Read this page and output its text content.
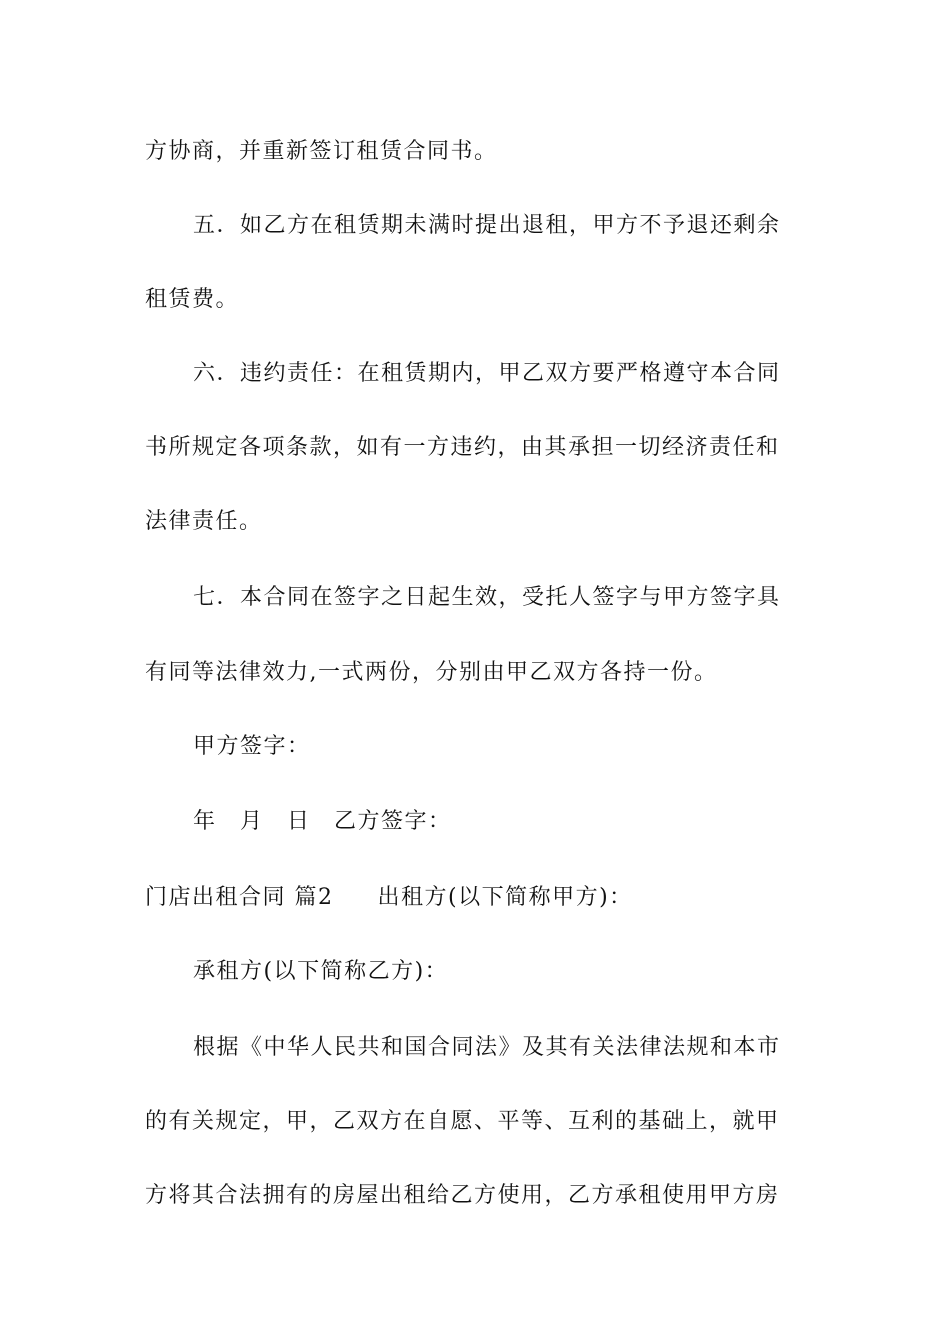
方协商，并重新签订租赁合同书。
五．如乙方在租赁期未满时提出退租，甲方不予退还剩余
租赁费。
六．违约责任：在租赁期内，甲乙双方要严格遵守本合同
书所规定各项条款，如有一方违约，由其承担一切经济责任和
法律责任。
七．本合同在签字之日起生效，受托人签字与甲方签字具
有同等法律效力,一式两份，分别由甲乙双方各持一份。
甲方签字：
年　月　日　乙方签字：
门店出租合同 篇2 出租方(以下简称甲方)：
承租方(以下简称乙方)：
根据《中华人民共和国合同法》及其有关法律法规和本市
的有关规定，甲，乙双方在自愿、平等、互利的基础上，就甲
方将其合法拥有的房屋出租给乙方使用，乙方承租使用甲方房
